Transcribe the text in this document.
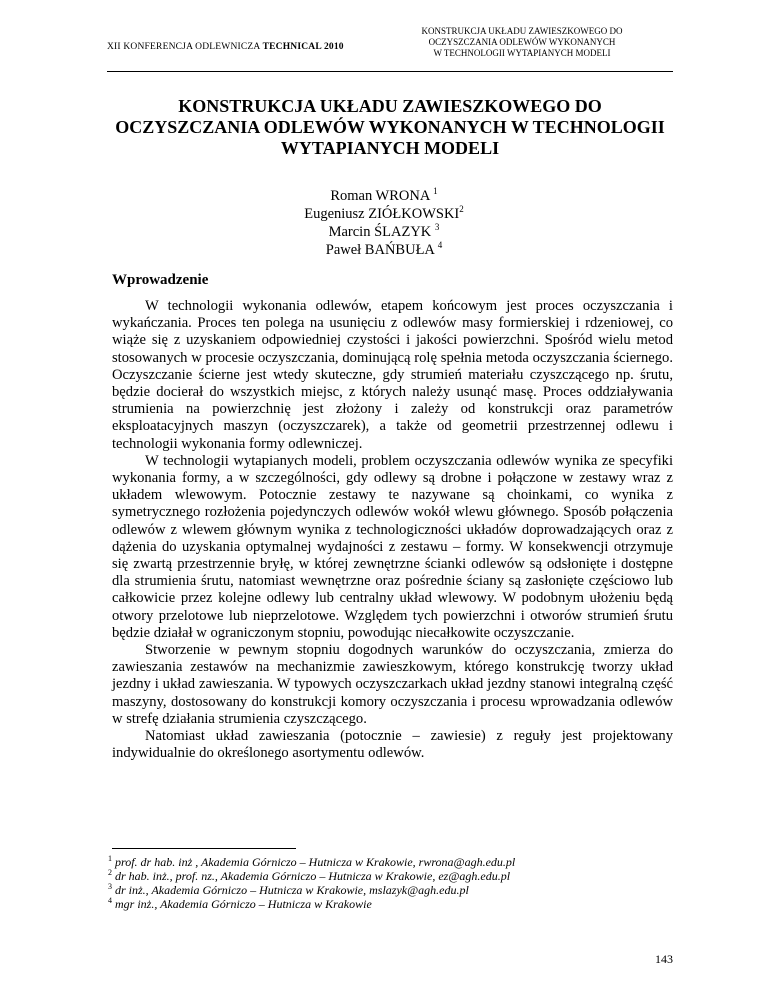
XII KONFERENCJA ODLEWNICZA TECHNICAL 2010
KONSTRUKCJA UKŁADU ZAWIESZKOWEGO DO
OCZYSZCZANIA ODLEWÓW WYKONANYCH
W TECHNOLOGII WYTAPIANYCH MODELI
KONSTRUKCJA UKŁADU ZAWIESZKOWEGO DO
OCZYSZCZANIA ODLEWÓW WYKONANYCH W TECHNOLOGII
WYTAPIANYCH MODELI
Roman WRONA $^1$
Eugeniusz ZIÓŁKOWSKI$^2$
Marcin ŚLAZYK $^3$
Paweł BAŃBUŁA $^4$
Wprowadzenie

W technologii wykonania odlewów, etapem końcowym jest proces oczyszczania i wykańczania. Proces ten polega na usunięciu z odlewów masy formierskiej i rdzeniowej, co wiąże się z uzyskaniem odpowiedniej czystości i jakości powierzchni. Spośród wielu metod stosowanych w procesie oczyszczania, dominującą rolę spełnia metoda oczyszczania ściernego. Oczyszczanie ścierne jest wtedy skuteczne, gdy strumień materiału czyszczącego np. śrutu, będzie docierał do wszystkich miejsc, z których należy usunąć masę. Proces oddziaływania strumienia na powierzchnię jest złożony i zależy od konstrukcji oraz parametrów eksploatacyjnych maszyn (oczyszczarek), a także od geometrii przestrzennej odlewu i technologii wykonania formy odlewniczej.

W technologii wytapianych modeli, problem oczyszczania odlewów wynika ze specyfiki wykonania formy, a w szczególności, gdy odlewy są drobne i połączone w zestawy wraz z układem wlewowym. Potocznie zestawy te nazywane są choinkami, co wynika z symetrycznego rozłożenia pojedynczych odlewów wokół wlewu głównego. Sposób połączenia odlewów z wlewem głównym wynika z technologiczności układów doprowadzających oraz z dążenia do uzyskania optymalnej wydajności z zestawu – formy. W konsekwencji otrzymuje się zwartą przestrzennie bryłę, w której zewnętrzne ścianki odlewów są odsłonięte i dostępne dla strumienia śrutu, natomiast wewnętrzne oraz pośrednie ściany są zasłonięte częściowo lub całkowicie przez kolejne odlewy lub centralny układ wlewowy. W podobnym ułożeniu będą otwory przelotowe lub nieprzelotowe. Względem tych powierzchni i otworów strumień śrutu będzie działał w ograniczonym stopniu, powodując niecałkowite oczyszczanie.

Stworzenie w pewnym stopniu dogodnych warunków do oczyszczania, zmierza do zawieszania zestawów na mechanizmie zawieszkowym, którego konstrukcję tworzy układ jezdny i układ zawieszania. W typowych oczyszczarkach układ jezdny stanowi integralną część maszyny, dostosowany do konstrukcji komory oczyszczania i procesu wprowadzania odlewów w strefę działania strumienia czyszczącego.

Natomiast układ zawieszania (potocznie – zawiesie) z reguły jest projektowany indywidualnie do określonego asortymentu odlewów.

$^1$ prof. dr hab. inż , Akademia Górniczo – Hutnicza w Krakowie, rwrona@agh.edu.pl
$^2$ dr hab. inż., prof. nz., Akademia Górniczo – Hutnicza w Krakowie, ez@agh.edu.pl
$^3$ dr inż., Akademia Górniczo – Hutnicza w Krakowie, mslazyk@agh.edu.pl
$^4$ mgr inż., Akademia Górniczo – Hutnicza w Krakowie
143
